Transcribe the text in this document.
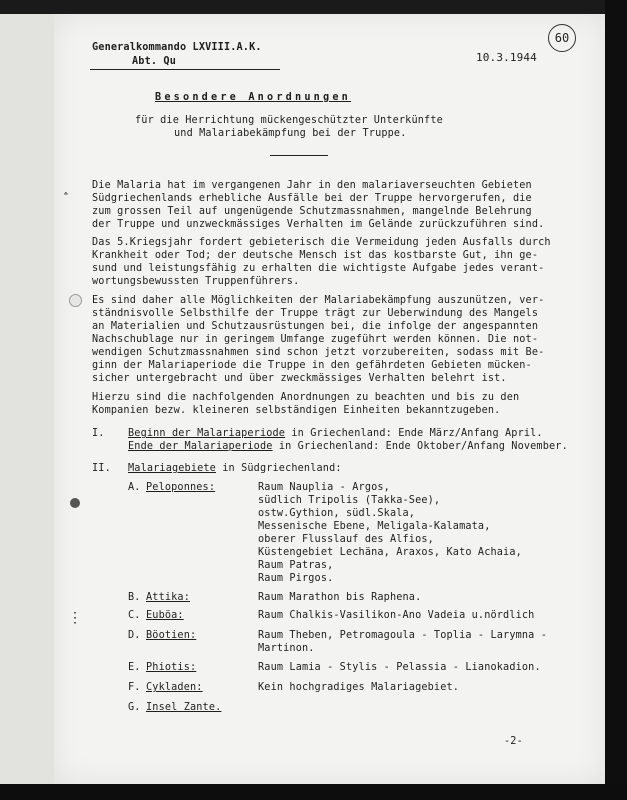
ꜙ
⋮
Generalkommando LXVIII.A.K.
Abt. Qu	10.3.1944
60
Besondere Anordnungen
für die Herrichtung mückengeschützter Unterkünfte
und Malariabekämpfung bei der Truppe.
Die Malaria hat im vergangenen Jahr in den malariaverseuchten Gebieten
Südgriechenlands erhebliche Ausfälle bei der Truppe hervorgerufen, die
zum grossen Teil auf ungenügende Schutzmassnahmen, mangelnde Belehrung
der Truppe und unzweckmässiges Verhalten im Gelände zurückzuführen sind.
Das 5.Kriegsjahr fordert gebieterisch die Vermeidung jeden Ausfalls durch
Krankheit oder Tod; der deutsche Mensch ist das kostbarste Gut, ihn ge-
sund und leistungsfähig zu erhalten die wichtigste Aufgabe jedes verant-
wortungsbewussten Truppenführers.
Es sind daher alle Möglichkeiten der Malariabekämpfung auszunützen, ver-
ständnisvolle Selbsthilfe der Truppe trägt zur Ueberwindung des Mangels
an Materialien und Schutzausrüstungen bei, die infolge der angespannten
Nachschublage nur in geringem Umfange zugeführt werden können. Die not-
wendigen Schutzmassnahmen sind schon jetzt vorzubereiten, sodass mit Be-
ginn der Malariaperiode die Truppe in den gefährdeten Gebieten mücken-
sicher untergebracht und über zweckmässiges Verhalten belehrt ist.
Hierzu sind die nachfolgenden Anordnungen zu beachten und bis zu den
Kompanien bezw. kleineren selbständigen Einheiten bekanntzugeben.
I. Beginn der Malariaperiode in Griechenland: Ende März/Anfang April.
Ende der Malariaperiode in Griechenland: Ende Oktober/Anfang November.
II. Malariagebiete in Südgriechenland:
A. Peloponnes:	Raum Nauplia - Argos,
südlich Tripolis (Takka-See),
ostw.Gythion, südl.Skala,
Messenische Ebene, Meligala-Kalamata,
oberer Flusslauf des Alfios,
Küstengebiet Lechäna, Araxos, Kato Achaia,
Raum Patras,
Raum Pirgos.
B. Attika:	Raum Marathon bis Raphena.
C. Euböa:	Raum Chalkis-Vasilikon-Ano Vadeia u.nördlich
D. Böotien:	Raum Theben, Petromagoula - Toplia - Larymna -
Martinon.
E. Phiotis:	Raum Lamia - Stylis - Pelassia - Lianokadion.
F. Cykladen:	Kein hochgradiges Malariagebiet.
G. Insel Zante.
-2-
